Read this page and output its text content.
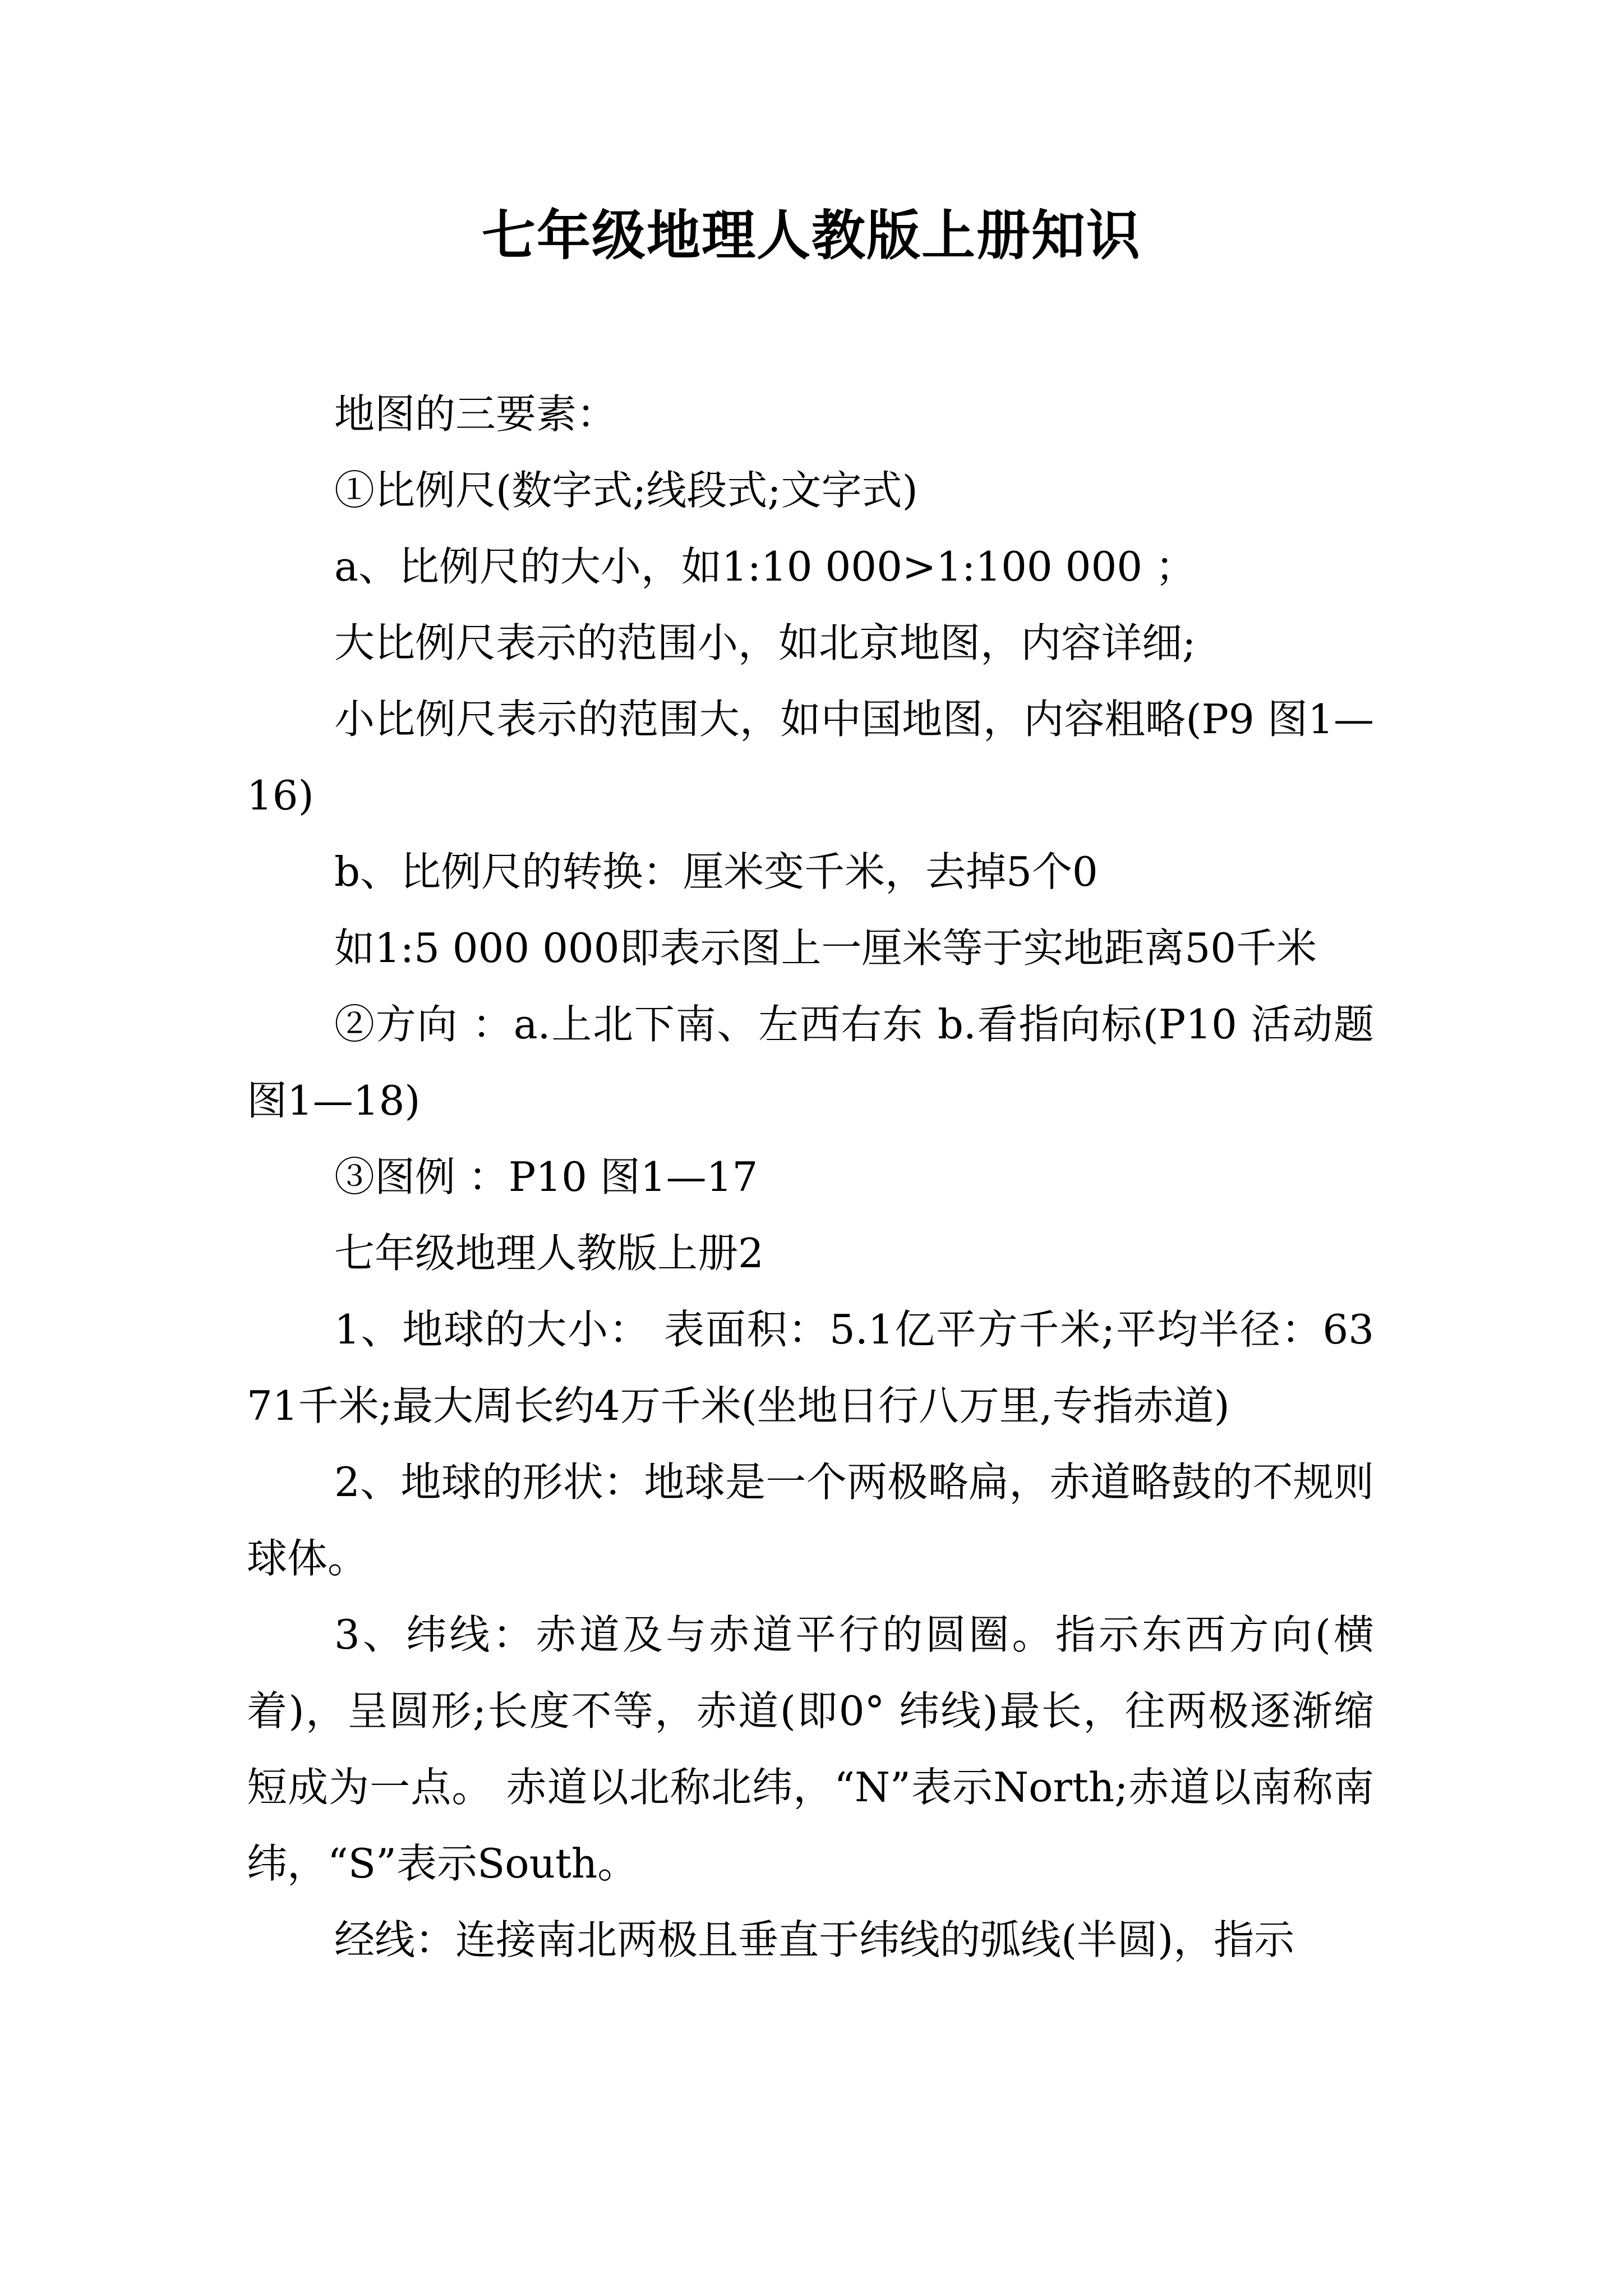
七年级地理人教版上册知识

地图的三要素：

①比例尺(数字式;线段式;文字式)

a、比例尺的大小，如1:10 000>1:100 000 ；

大比例尺表示的范围小，如北京地图，内容详细;

小比例尺表示的范围大，如中国地图，内容粗略(P9 图1—16)

b、比例尺的转换：厘米变千米，去掉5个0

如1:5 000 000即表示图上一厘米等于实地距离50千米

②方向 ：a.上北下南、左西右东 b.看指向标(P10 活动题图1—18)

③图例 ：P10 图1—17

七年级地理人教版上册2

1、地球的大小： 表面积：5.1亿平方千米;平均半径：6371千米;最大周长约4万千米(坐地日行八万里,专指赤道)

2、地球的形状：地球是一个两极略扁，赤道略鼓的不规则球体。

3、纬线：赤道及与赤道平行的圆圈。指示东西方向(横着)，呈圆形;长度不等，赤道(即0° 纬线)最长，往两极逐渐缩短成为一点。 赤道以北称北纬，“N”表示North;赤道以南称南纬，“S”表示South。

经线：连接南北两极且垂直于纬线的弧线(半圆)，指示
